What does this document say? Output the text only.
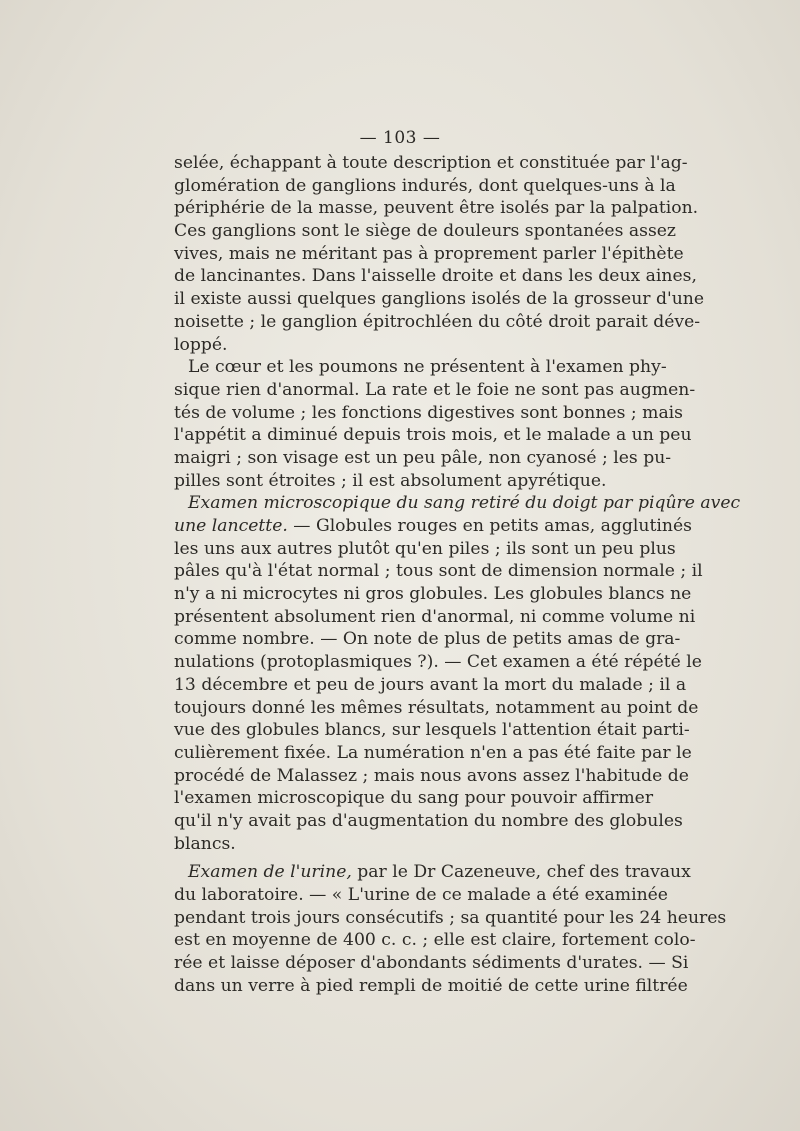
— 103 —
selée, échappant à toute description et constituée par l'ag-
glomération de ganglions indurés, dont quelques-uns à la
périphérie de la masse, peuvent être isolés par la palpation.
Ces ganglions sont le siège de douleurs spontanées assez
vives, mais ne méritant pas à proprement parler l'épithète
de lancinantes. Dans l'aisselle droite et dans les deux aines,
il existe aussi quelques ganglions isolés de la grosseur d'une
noisette ; le ganglion épitrochléen du côté droit parait déve-
loppé.
Le cœur et les poumons ne présentent à l'examen phy-
sique rien d'anormal. La rate et le foie ne sont pas augmen-
tés de volume ; les fonctions digestives sont bonnes ; mais
l'appétit a diminué depuis trois mois, et le malade a un peu
maigri ; son visage est un peu pâle, non cyanosé ; les pu-
pilles sont étroites ; il est absolument apyrétique.
Examen microscopique du sang retiré du doigt par piqûre avec
une lancette. — Globules rouges en petits amas, agglutinés
les uns aux autres plutôt qu'en piles ; ils sont un peu plus
pâles qu'à l'état normal ; tous sont de dimension normale ; il
n'y a ni microcytes ni gros globules. Les globules blancs ne
présentent absolument rien d'anormal, ni comme volume ni
comme nombre. — On note de plus de petits amas de gra-
nulations (protoplasmiques ?). — Cet examen a été répété le
13 décembre et peu de jours avant la mort du malade ; il a
toujours donné les mêmes résultats, notamment au point de
vue des globules blancs, sur lesquels l'attention était parti-
culièrement fixée. La numération n'en a pas été faite par le
procédé de Malassez ; mais nous avons assez l'habitude de
l'examen microscopique du sang pour pouvoir affirmer
qu'il n'y avait pas d'augmentation du nombre des globules
blancs.
Examen de l'urine, par le Dr Cazeneuve, chef des travaux
du laboratoire. — « L'urine de ce malade a été examinée
pendant trois jours consécutifs ; sa quantité pour les 24 heures
est en moyenne de 400 c. c. ; elle est claire, fortement colo-
rée et laisse déposer d'abondants sédiments d'urates. — Si
dans un verre à pied rempli de moitié de cette urine filtrée
